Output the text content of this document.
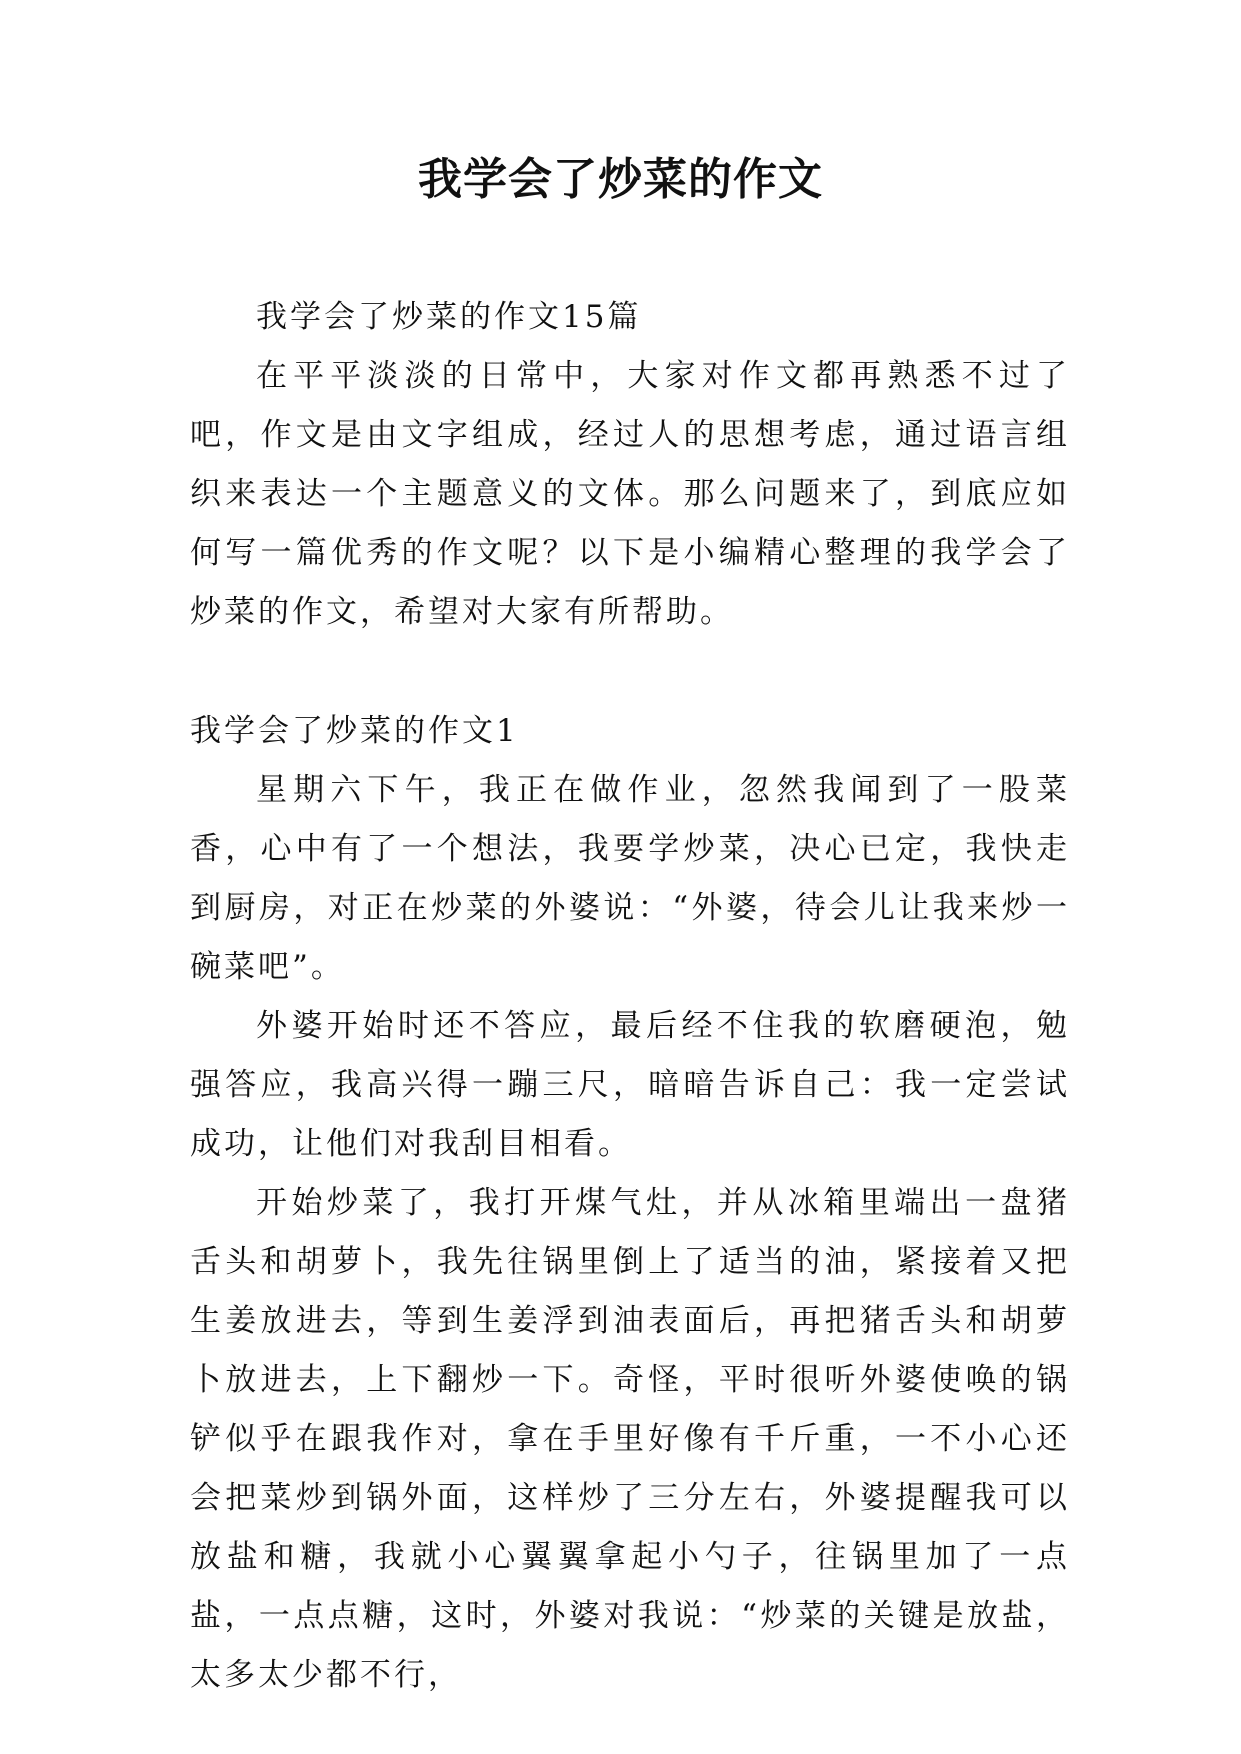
我学会了炒菜的作文

我学会了炒菜的作文15篇

在平平淡淡的日常中，大家对作文都再熟悉不过了吧，作文是由文字组成，经过人的思想考虑，通过语言组织来表达一个主题意义的文体。那么问题来了，到底应如何写一篇优秀的作文呢？以下是小编精心整理的我学会了炒菜的作文，希望对大家有所帮助。

我学会了炒菜的作文1

星期六下午，我正在做作业，忽然我闻到了一股菜香，心中有了一个想法，我要学炒菜，决心已定，我快走到厨房，对正在炒菜的外婆说：“外婆，待会儿让我来炒一碗菜吧”。

外婆开始时还不答应，最后经不住我的软磨硬泡，勉强答应，我高兴得一蹦三尺，暗暗告诉自己：我一定尝试成功，让他们对我刮目相看。

开始炒菜了，我打开煤气灶，并从冰箱里端出一盘猪舌头和胡萝卜，我先往锅里倒上了适当的油，紧接着又把生姜放进去，等到生姜浮到油表面后，再把猪舌头和胡萝卜放进去，上下翻炒一下。奇怪，平时很听外婆使唤的锅铲似乎在跟我作对，拿在手里好像有千斤重，一不小心还会把菜炒到锅外面，这样炒了三分左右，外婆提醒我可以放盐和糖，我就小心翼翼拿起小勺子，往锅里加了一点盐，一点点糖，这时，外婆对我说：“炒菜的关键是放盐，太多太少都不行，
